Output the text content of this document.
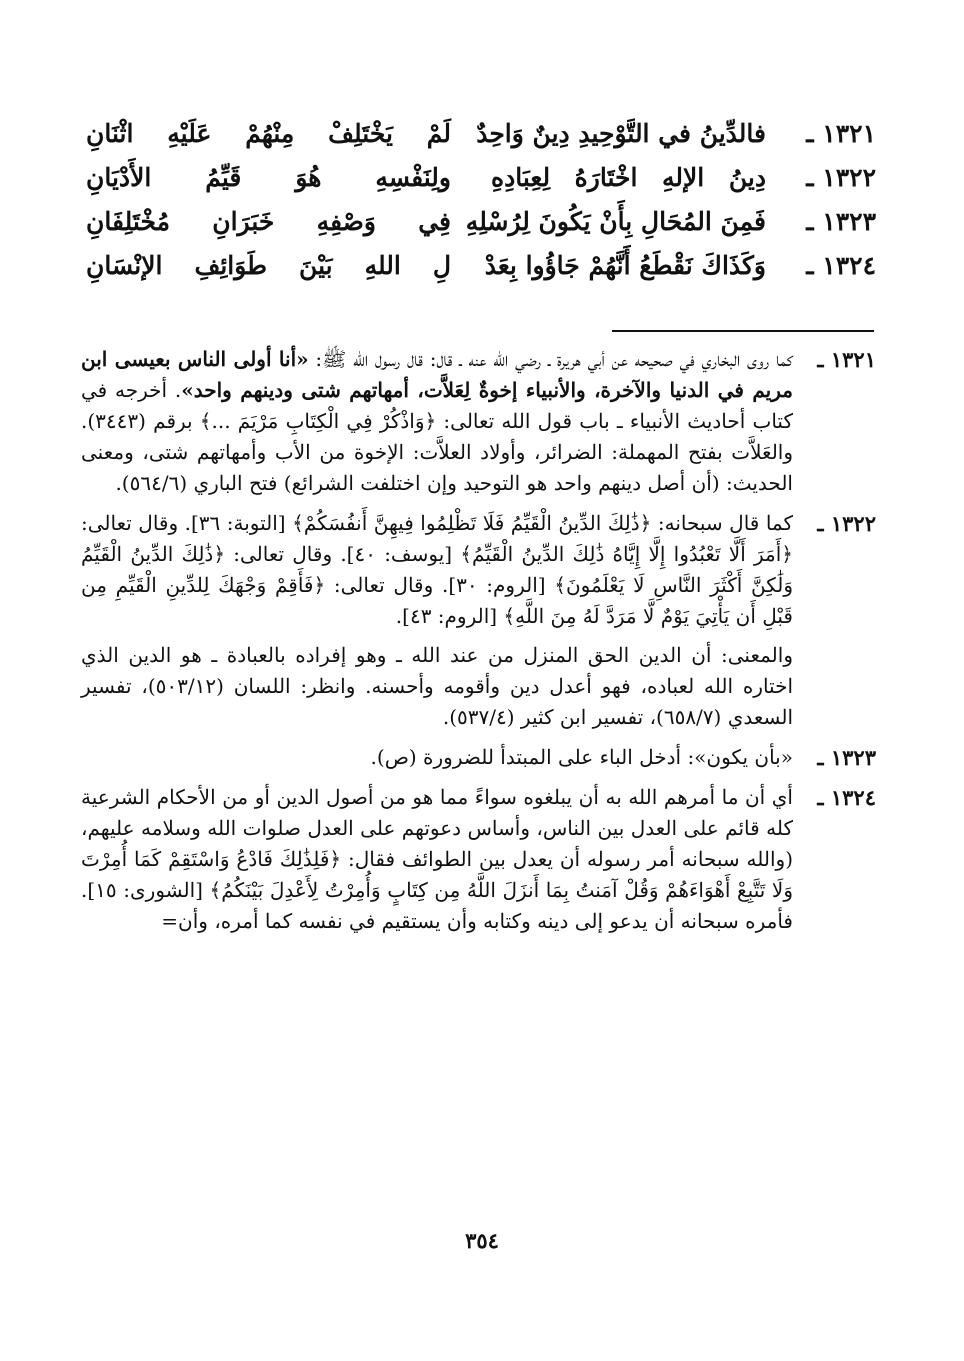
١٣٢١ ـ
فالدِّينُ في التَّوْحِيدِ دِينٌ وَاحِدٌ
لَمْ يَخْتَلِفْ مِنْهُمْ عَلَيْهِ اثْنَانِ
١٣٢٢ ـ
دِينُ الإلهِ اخْتَارَهُ لِعِبَادِهِ
ولِنَفْسِهِ هُوَ قَيِّمُ الأَدْيَانِ
١٣٢٣ ـ
فَمِنَ المُحَالِ بِأَنْ يَكُونَ لِرُسْلِهِ
فِي وَصْفِهِ خَبَرَانِ مُخْتَلِفَانِ
١٣٢٤ ـ
وَكَذَاكَ نَقْطَعُ أَنَّهُمْ جَاؤُوا بِعَدْ
لِ اللهِ بَيْنَ طَوَائِفِ الإنْسَانِ
١٣٢١ ـ

كما روى البخاري في صحيحه عن أبي هريرة ـ رضي الله عنه ـ قال: قال رسول الله ﷺ: «أنا أولى الناس بعيسى ابن مريم في الدنيا والآخرة، والأنبياء إخوةٌ لِعَلاَّت، أمهاتهم شتى ودينهم واحد». أخرجه في كتاب أحاديث الأنبياء ـ باب قول الله تعالى: ﴿وَاذْكُرْ فِي الْكِتَابِ مَرْيَمَ ...﴾ برقم (٣٤٤٣). والعَلاَّت بفتح المهملة: الضرائر، وأولاد العلاَّت: الإخوة من الأب وأمهاتهم شتى، ومعنى الحديث: (أن أصل دينهم واحد هو التوحيد وإن اختلفت الشرائع) فتح الباري (٥٦٤/٦).

١٣٢٢ ـ

كما قال سبحانه: ﴿ذَٰلِكَ الدِّينُ الْقَيِّمُ فَلَا تَظْلِمُوا فِيهِنَّ أَنفُسَكُمْ﴾ [التوبة: ٣٦]. وقال تعالى: ﴿أَمَرَ أَلَّا تَعْبُدُوا إِلَّا إِيَّاهُ ذَٰلِكَ الدِّينُ الْقَيِّمُ﴾ [يوسف: ٤٠]. وقال تعالى: ﴿ذَٰلِكَ الدِّينُ الْقَيِّمُ وَلَٰكِنَّ أَكْثَرَ النَّاسِ لَا يَعْلَمُونَ﴾ [الروم: ٣٠]. وقال تعالى: ﴿فَأَقِمْ وَجْهَكَ لِلدِّينِ الْقَيِّمِ مِن قَبْلِ أَن يَأْتِيَ يَوْمٌ لَّا مَرَدَّ لَهُ مِنَ اللَّهِ﴾ [الروم: ٤٣].

والمعنى: أن الدين الحق المنزل من عند الله ـ وهو إفراده بالعبادة ـ هو الدين الذي اختاره الله لعباده، فهو أعدل دين وأقومه وأحسنه. وانظر: اللسان (٥٠٣/١٢)، تفسير السعدي (٦٥٨/٧)، تفسير ابن كثير (٥٣٧/٤).

١٣٢٣ ـ

«بأن يكون»: أدخل الباء على المبتدأ للضرورة (ص).

١٣٢٤ ـ

أي أن ما أمرهم الله به أن يبلغوه سواءً مما هو من أصول الدين أو من الأحكام الشرعية كله قائم على العدل بين الناس، وأساس دعوتهم على العدل صلوات الله وسلامه عليهم، (والله سبحانه أمر رسوله أن يعدل بين الطوائف فقال: ﴿فَلِذَٰلِكَ فَادْعُ وَاسْتَقِمْ كَمَا أُمِرْتَ وَلَا تَتَّبِعْ أَهْوَاءَهُمْ وَقُلْ آمَنتُ بِمَا أَنزَلَ اللَّهُ مِن كِتَابٍ وَأُمِرْتُ لِأَعْدِلَ بَيْنَكُمُ﴾ [الشورى: ١٥]. فأمره سبحانه أن يدعو إلى دينه وكتابه وأن يستقيم في نفسه كما أمره، وأن=

٣٥٤
